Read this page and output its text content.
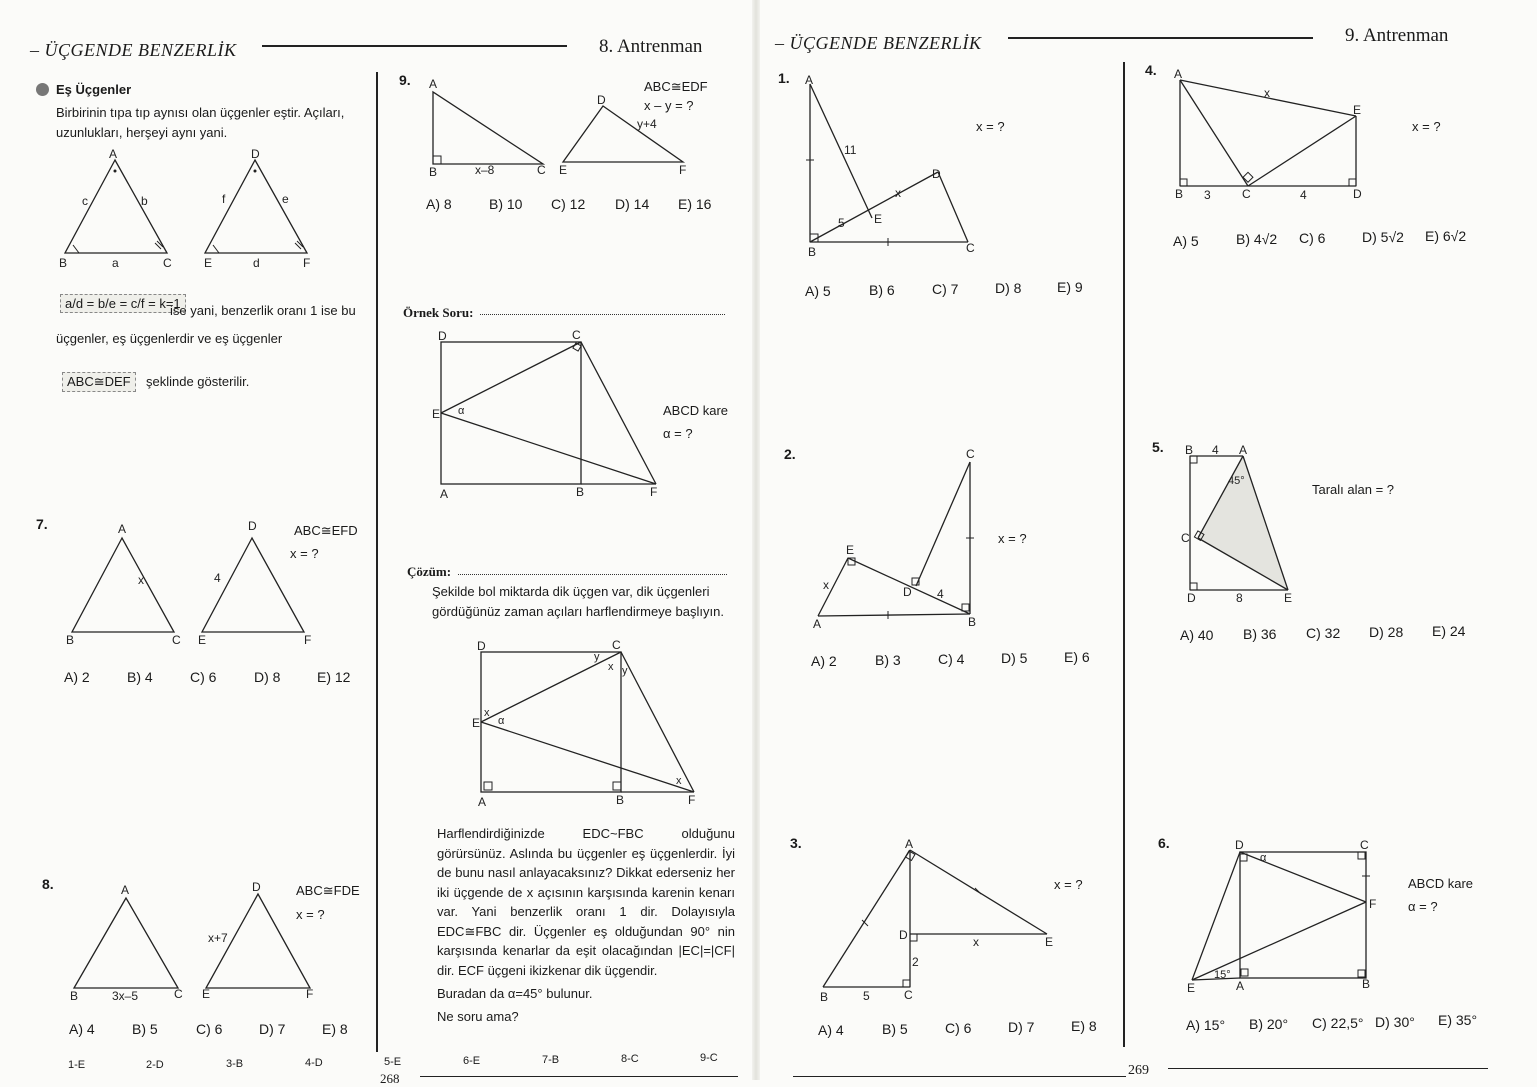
– ÜÇGENDE BENZERLİK	8. Antrenman
Eş Üçgenler
Birbirinin tıpa tıp aynısı olan üçgenler eştir. Açıları, uzunlukları, herşeyi aynı yani.
A
B	C
a
b
c
D
E	F
d
e
f
a/d = b/e = c/f = k=1
ise yani, benzerlik oranı 1 ise bu
üçgenler, eş üçgenlerdir ve eş üçgenler
ABC≅DEF	şeklinde gösterilir.
7.	A
B	C
D
E	F
x	4
ABC≅EFD
x = ?
A) 2	B) 4	C) 6	D) 8	E) 12
8.	A
B	C
D
E	F
3x–5
x+7
ABC≅FDE
x = ?
A) 4	B) 5	C) 6	D) 7	E) 8
9. A
B	C
D
E	F
x–8
y+4
ABC≅EDF
x – y = ?
A) 8	B) 10 C) 12 D) 14 E) 16
Örnek Soru:
D	C
E α
A	B	F
ABCD kare
α = ?
Çözüm:
Şekilde bol miktarda dik üçgen var, dik üçgenleri gördüğünüz zaman açıları harflendirmeye başlıyın.
D	C
E
x
α
y
x y
x
A	B	F
Harflendirdiğinizde EDC~FBC olduğunu görürsünüz. Aslında bu üçgenler eş üçgenlerdir. İyi de bunu nasıl anlayacaksınız? Dikkat ederseniz her iki üçgende de x açısının karşısında karenin kenarı var. Yani benzerlik oranı 1 dir. Dolayısıyla EDC≅FBC dir. Üçgenler eş olduğundan 90° nin karşısında kenarlar da eşit olacağından |EC|=|CF| dir. ECF üçgeni ikizkenar dik üçgendir.
Buradan da α=45° bulunur.
Ne soru ama?
1-E	2-D	3-B	4-D	5-E	6-E	7-B	8-C	9-C
268
– ÜÇGENDE BENZERLİK	9. Antrenman
1. A
B	C
D
E
11
5
x
x = ?
A) 5	B) 6	C) 7	D) 8	E) 9
2.	C
E
D
B
A
x
4
x = ?
A) 2	B) 3	C) 4	D) 5	E) 6
3.	A
D	E
B	C
x
2
5
x = ?
A) 4	B) 5	C) 6	D) 7	E) 8
4. A
B	C	D
E
x
3	4
x = ?
A) 5	B) 4√2 C) 6	D) 5√2 E) 6√2
5. B	A
C
D	E
4
8
45°
Taralı alan = ?
A) 40 B) 36 C) 32 D) 28 E) 24
6.	D	C
F
B
A
E
α
15°
ABCD kare
α = ?
A) 15° B) 20° C) 22,5° D) 30° E) 35°
269
